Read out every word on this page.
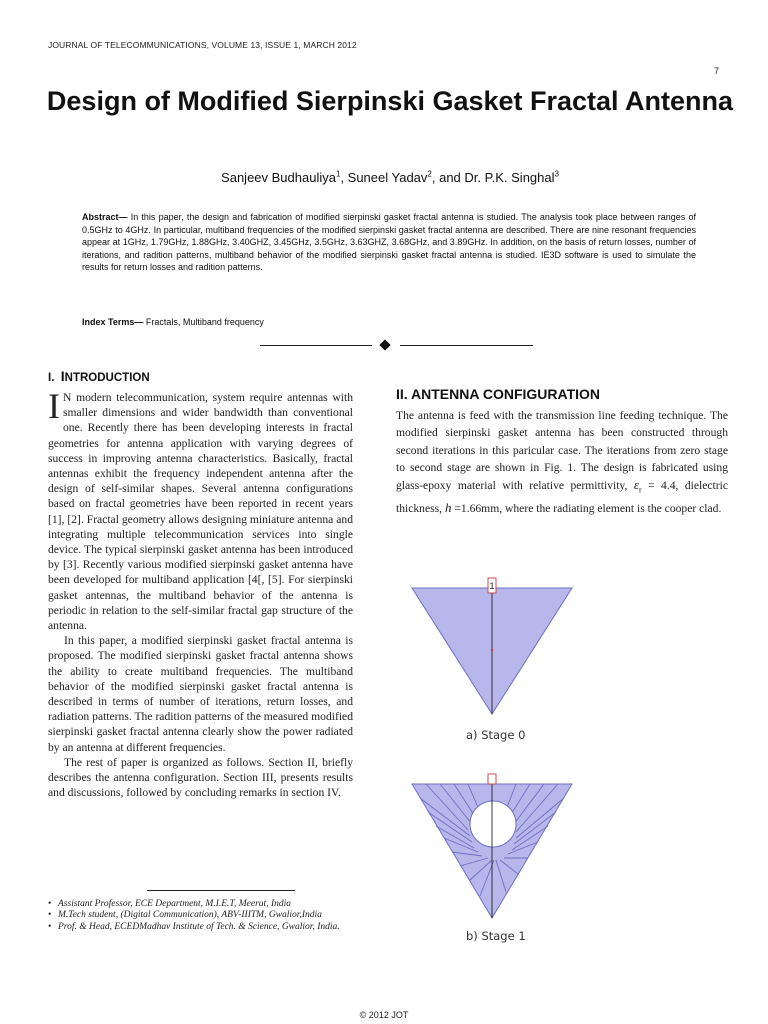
JOURNAL OF TELECOMMUNICATIONS, VOLUME 13, ISSUE 1, MARCH 2012
7
Design of Modified Sierpinski Gasket Fractal Antenna
Sanjeev Budhauliya$^1$, Suneel Yadav$^2$, and Dr. P.K. Singhal$^3$
Abstract— In this paper, the design and fabrication of modified sierpinski gasket fractal antenna is studied. The analysis took place between ranges of 0.5GHz to 4GHz. In particular, multiband frequencies of the modified sierpinski gasket fractal antenna are described. There are nine resonant frequencies appear at 1GHz, 1.79GHz, 1.88GHz, 3.40GHZ, 3.45GHz, 3.5GHz, 3.63GHZ, 3.68GHz, and 3.89GHz. In addition, on the basis of return losses, number of iterations, and radition patterns, multiband behavior of the modified sierpinski gasket fractal antenna is studied. IE3D software is used to simulate the results for return losses and radition patterns.
Index Terms— Fractals, Multiband frequency
I. INTRODUCTION

I N modern telecommunication, system require antennas with smaller dimensions and wider bandwidth than conventional one. Recently there has been developing interests in fractal geometries for antenna application with varying degrees of success in improving antenna characteristics. Basically, fractal antennas exhibit the frequency independent antenna after the design of self-similar shapes. Several antenna configurations based on fractal geometries have been reported in recent years [1], [2]. Fractal geometry allows designing miniature antenna and integrating multiple telecommunication services into single device. The typical sierpinski gasket antenna has been introduced by [3]. Recently various modified sierpinski gasket antenna have been developed for multiband application [4[, [5]. For sierpinski gasket antennas, the multiband behavior of the antenna is periodic in relation to the self-similar fractal gap structure of the antenna.

In this paper, a modified sierpinski gasket fractal antenna is proposed. The modified sierpinski gasket fractal antenna shows the ability to create multiband frequencies. The multiband behavior of the modified sierpinski gasket fractal antenna is described in terms of number of iterations, return losses, and radiation patterns. The radition patterns of the measured modified sierpinski gasket fractal antenna clearly show the power radiated by an antenna at different frequencies.

The rest of paper is organized as follows. Section II, briefly describes the antenna configuration. Section III, presents results and discussions, followed by concluding remarks in section IV.

II. ANTENNA CONFIGURATION
The antenna is feed with the transmission line feeding technique. The modified sierpinski gasket antenna has been constructed through second iterations in this paricular case. The iterations from zero stage to second stage are shown in Fig. 1. The design is fabricated using glass-epoxy material with relative permittivity, $\varepsilon_r = 4.4$, dielectric thickness, h =1.66mm, where the radiating element is the cooper clad.
1
a) Stage 0
b) Stage 1
• Assistant Professor, ECE Department, M.I.E.T, Meerut, India
• M.Tech student, (Digital Communication), ABV-IIITM, Gwalior,India
• Prof. & Head, ECEDMadhav Institute of Tech. & Science, Gwalior, India.
© 2012 JOT
